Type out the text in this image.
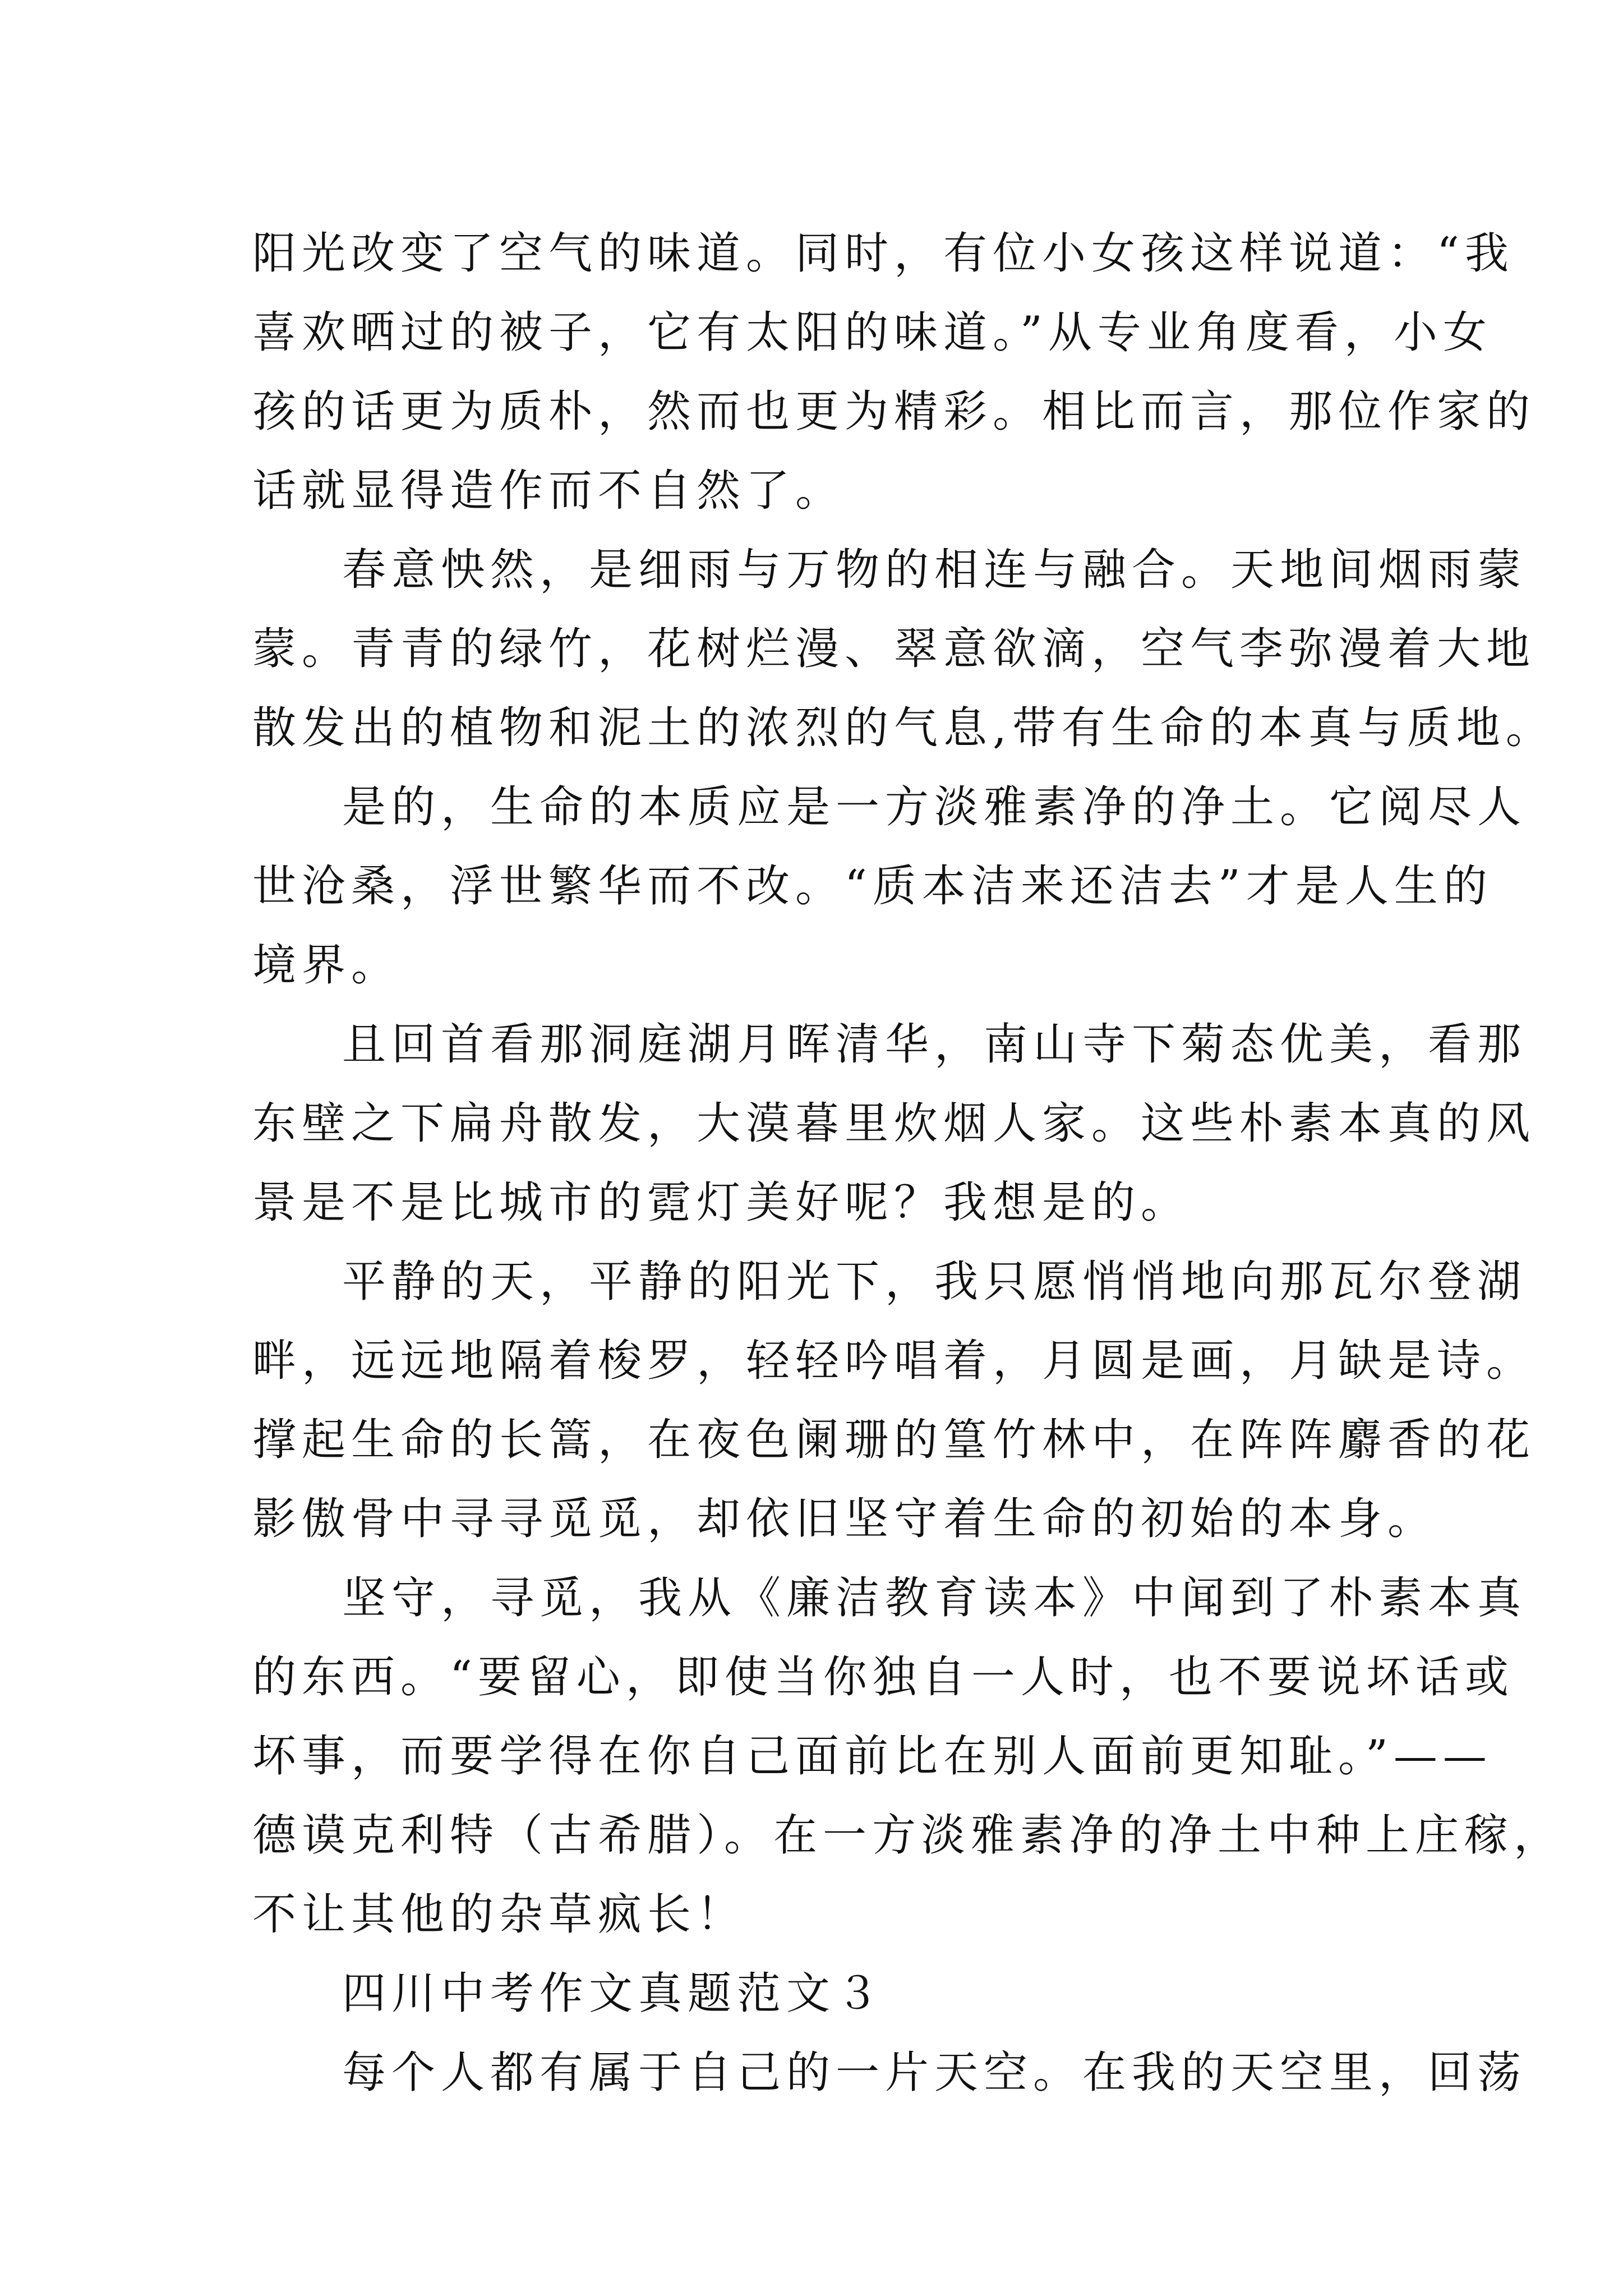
阳光改变了空气的味道。同时，有位小女孩这样说道：“我
喜欢晒过的被子，它有太阳的味道。”从专业角度看，小女
孩的话更为质朴，然而也更为精彩。相比而言，那位作家的
话就显得造作而不自然了。
春意怏然，是细雨与万物的相连与融合。天地间烟雨蒙
蒙。青青的绿竹，花树烂漫、翠意欲滴，空气李弥漫着大地
散发出的植物和泥土的浓烈的气息,带有生命的本真与质地。
是的，生命的本质应是一方淡雅素净的净土。它阅尽人
世沧桑，浮世繁华而不改。“质本洁来还洁去”才是人生的
境界。
且回首看那洞庭湖月晖清华，南山寺下菊态优美，看那
东壁之下扁舟散发，大漠暮里炊烟人家。这些朴素本真的风
景是不是比城市的霓灯美好呢？我想是的。
平静的天，平静的阳光下，我只愿悄悄地向那瓦尔登湖
畔，远远地隔着梭罗，轻轻吟唱着，月圆是画，月缺是诗。
撑起生命的长篙，在夜色阑珊的篁竹林中，在阵阵麝香的花
影傲骨中寻寻觅觅，却依旧坚守着生命的初始的本身。
坚守，寻觅，我从《廉洁教育读本》中闻到了朴素本真
的东西。“要留心，即使当你独自一人时，也不要说坏话或
坏事，而要学得在你自己面前比在别人面前更知耻。”——
德谟克利特（古希腊）。在一方淡雅素净的净土中种上庄稼，
不让其他的杂草疯长！
四川中考作文真题范文３
每个人都有属于自己的一片天空。在我的天空里，回荡
